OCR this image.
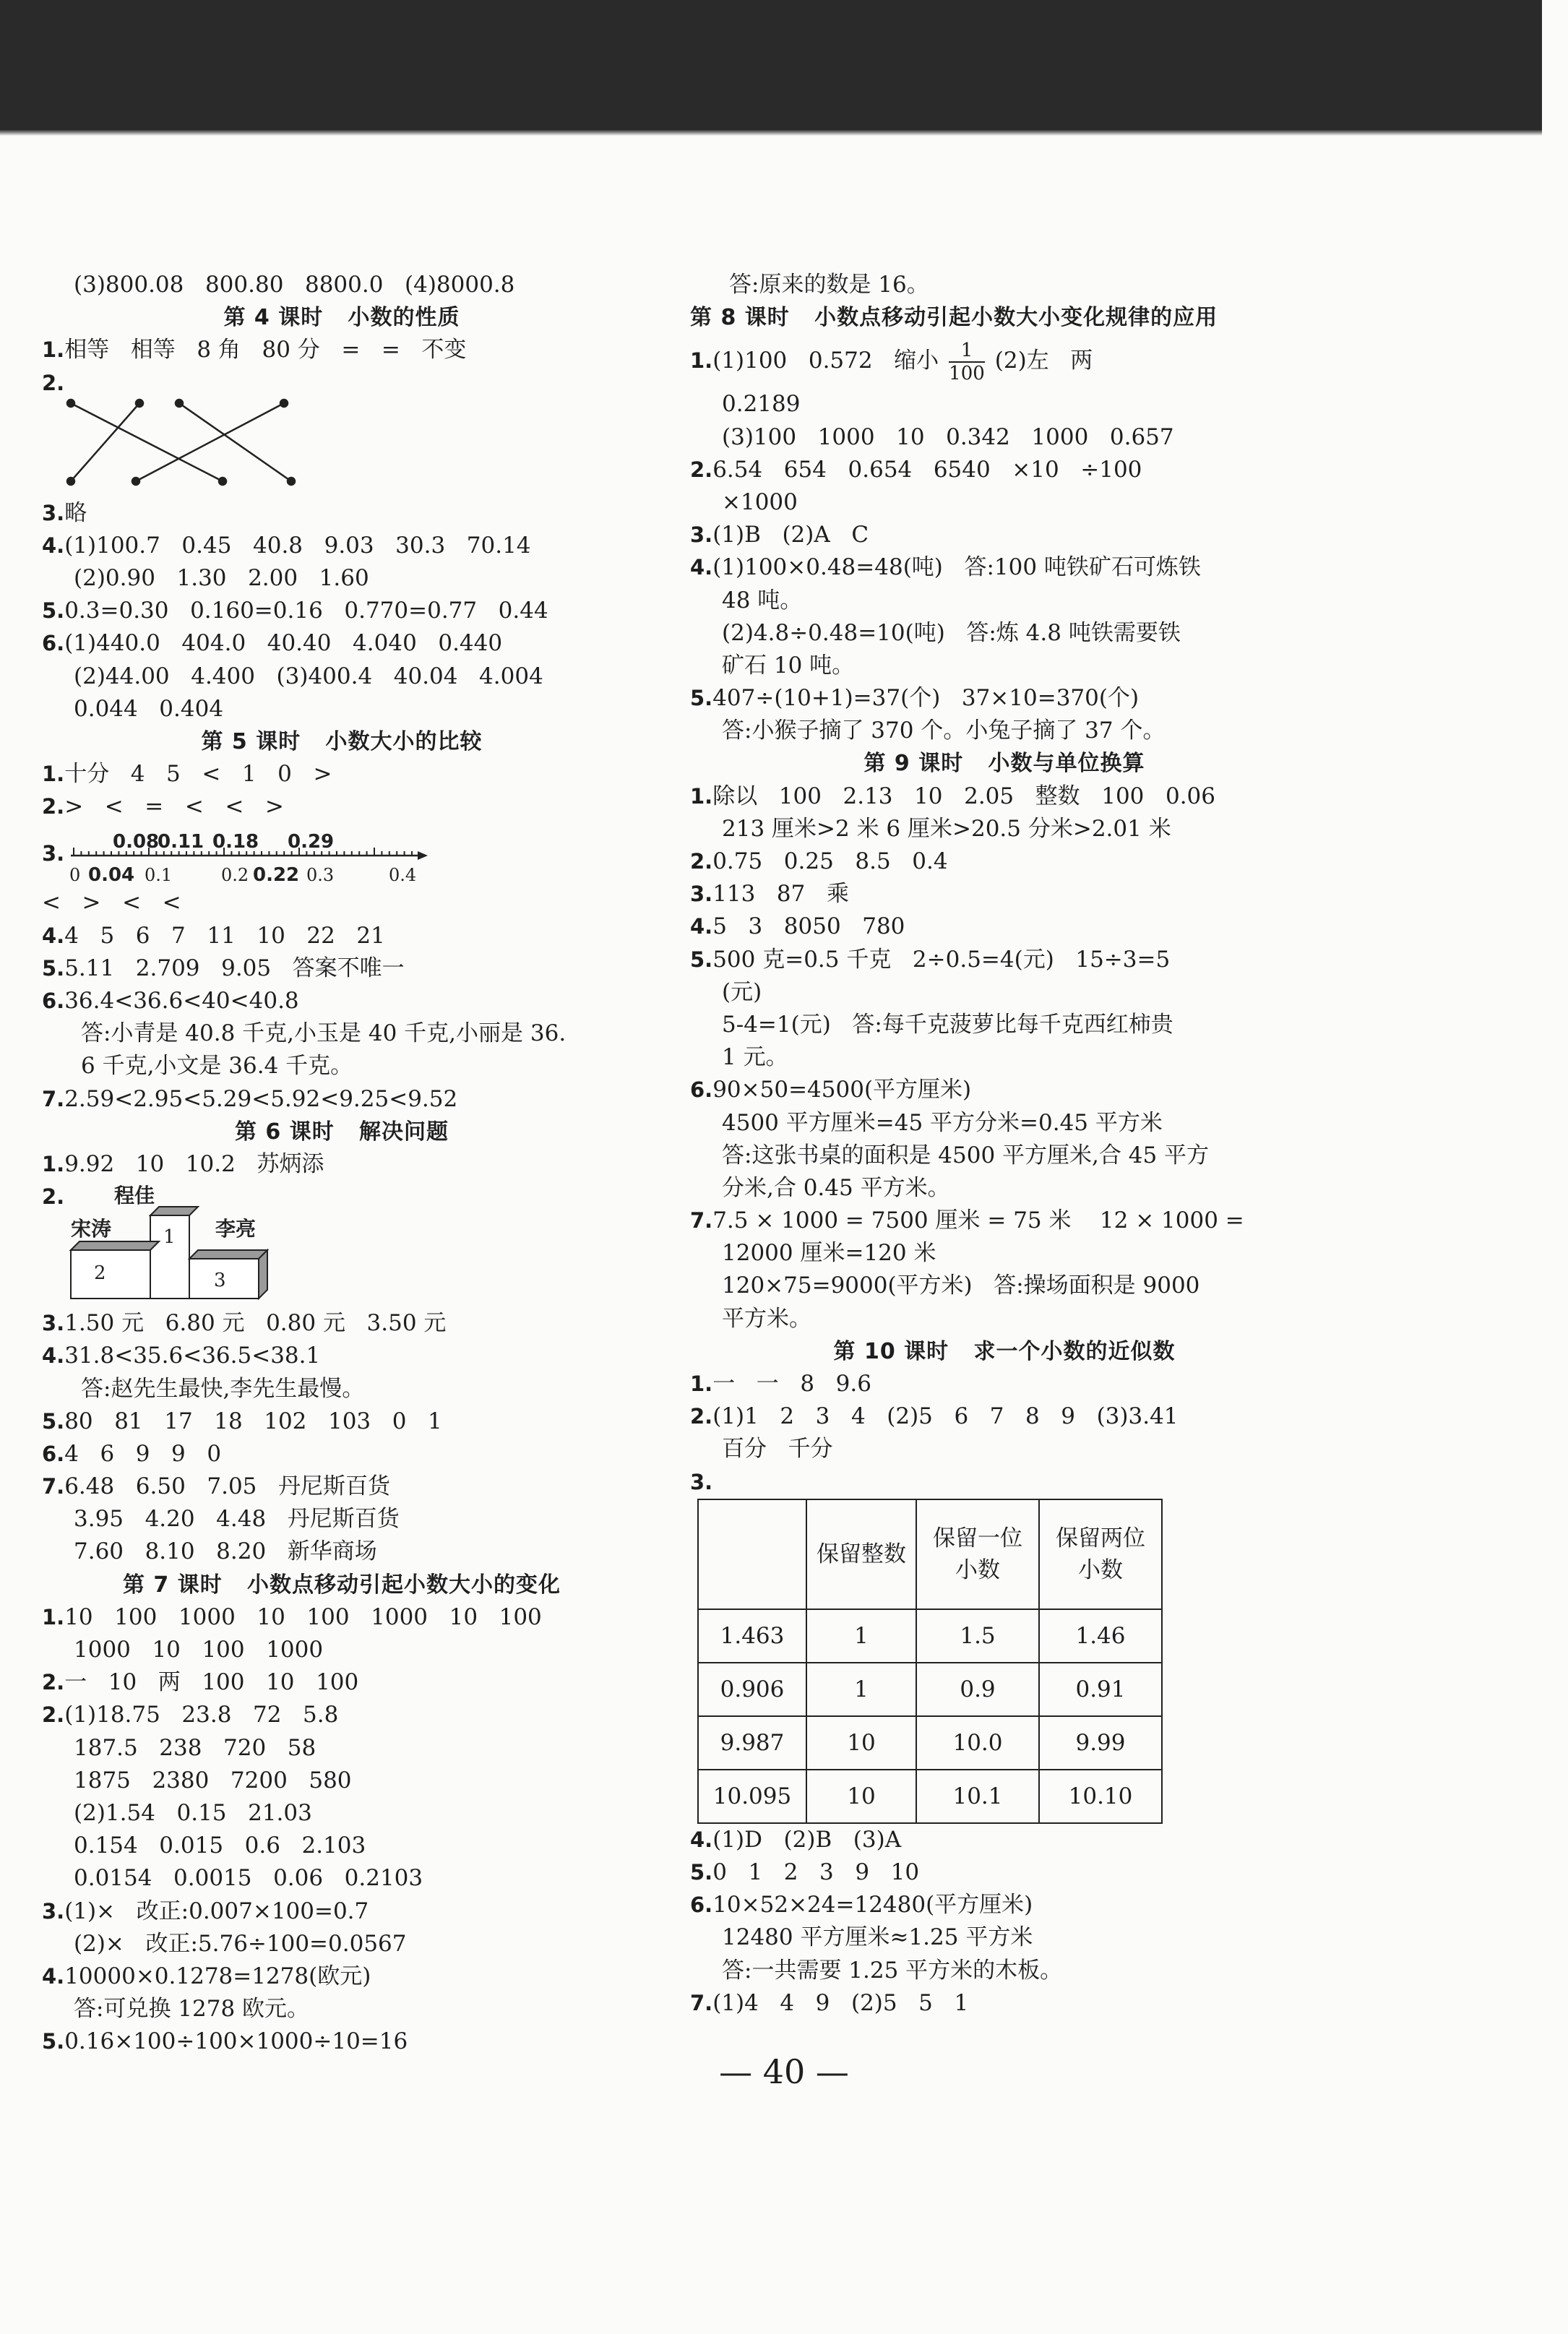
(3)800.08   800.80   8800.0   (4)8000.8
第 4 课时   小数的性质
1.相等   相等   8 角   80 分   =   =   不变
2.
3.略
4.(1)100.7   0.45   40.8   9.03   30.3   70.14
(2)0.90   1.30   2.00   1.60
5.0.3=0.30   0.160=0.16   0.770=0.77   0.44
6.(1)440.0   404.0   40.40   4.040   0.440
(2)44.00   4.400   (3)400.4   40.04   4.004
0.044   0.404
第 5 课时   小数大小的比较
1.十分   4   5   <   1   0   >
2.>   <   =   <   <   >
3.	0.08
0.11 0.18 0.29
0 0.04 0.1	0.2 0.22 0.3	0.4
<   >   <   <
4.4   5   6   7   11   10   22   21
5.5.11   2.709   9.05   答案不唯一
6.36.4<36.6<40<40.8
答:小青是 40.8 千克,小玉是 40 千克,小丽是 36.
6 千克,小文是 36.4 千克。
7.2.59<2.95<5.29<5.92<9.25<9.52
第 6 课时   解决问题
1.9.92   10   10.2   苏炳添
2. 程佳
宋涛	李亮
1
2	3
3.1.50 元   6.80 元   0.80 元   3.50 元
4.31.8<35.6<36.5<38.1
答:赵先生最快,李先生最慢。
5.80   81   17   18   102   103   0   1
6.4   6   9   9   0
7.6.48   6.50   7.05   丹尼斯百货
3.95   4.20   4.48   丹尼斯百货
7.60   8.10   8.20   新华商场
第 7 课时   小数点移动引起小数大小的变化
1.10   100   1000   10   100   1000   10   100
1000   10   100   1000
2.一   10   两   100   10   100
2.(1)18.75   23.8   72   5.8
187.5   238   720   58
1875   2380   7200   580
(2)1.54   0.15   21.03
0.154   0.015   0.6   2.103
0.0154   0.0015   0.06   0.2103
3.(1)×   改正:0.007×100=0.7
(2)×   改正:5.76÷100=0.0567
4.10000×0.1278=1278(欧元)
答:可兑换 1278 欧元。
5.0.16×100÷100×1000÷10=16
答:原来的数是 16。
第 8 课时   小数点移动引起小数大小变化规律的应用
1.(1)100   0.572   缩小 $\frac{1}{100} (2)$左   两
0.2189
(3)100   1000   10   0.342   1000   0.657
2.6.54   654   0.654   6540   ×10   ÷100
×1000
3.(1)B   (2)A   C
4.(1)100×0.48=48(吨)   答:100 吨铁矿石可炼铁
48 吨。
(2)4.8÷0.48=10(吨)   答:炼 4.8 吨铁需要铁
矿石 10 吨。
5.407÷(10+1)=37(个)   37×10=370(个)
答:小猴子摘了 370 个。小兔子摘了 37 个。
第 9 课时   小数与单位换算
1.除以   100   2.13   10   2.05   整数   100   0.06
213 厘米>2 米 6 厘米>20.5 分米>2.01 米
2.0.75   0.25   8.5   0.4
3.113   87   乘
4.5   3   8050   780
5.500 克=0.5 千克   2÷0.5=4(元)   15÷3=5
(元)
5-4=1(元)   答:每千克菠萝比每千克西红柿贵
1 元。
6.90×50=4500(平方厘米)
4500 平方厘米=45 平方分米=0.45 平方米
答:这张书桌的面积是 4500 平方厘米,合 45 平方
分米,合 0.45 平方米。
7.7.5 × 1000 = 7500 厘米 = 75 米    12 × 1000 =
12000 厘米=120 米
120×75=9000(平方米)   答:操场面积是 9000
平方米。
第 10 课时   求一个小数的近似数
1.一   一   8   9.6
2.(1)1   2   3   4   (2)5   6   7   8   9   (3)3.41
百分   千分
3.
	保留整数	保留一位小数	保留两位小数
1.463	1	1.5	1.46
0.906	1	0.9	0.91
9.987	10	10.0	9.99
10.095	10	10.1	10.10
4.(1)D   (2)B   (3)A
5.0   1   2   3   9   10
6.10×52×24=12480(平方厘米)
12480 平方厘米≈1.25 平方米
答:一共需要 1.25 平方米的木板。
7.(1)4   4   9   (2)5   5   1
— 40 —
